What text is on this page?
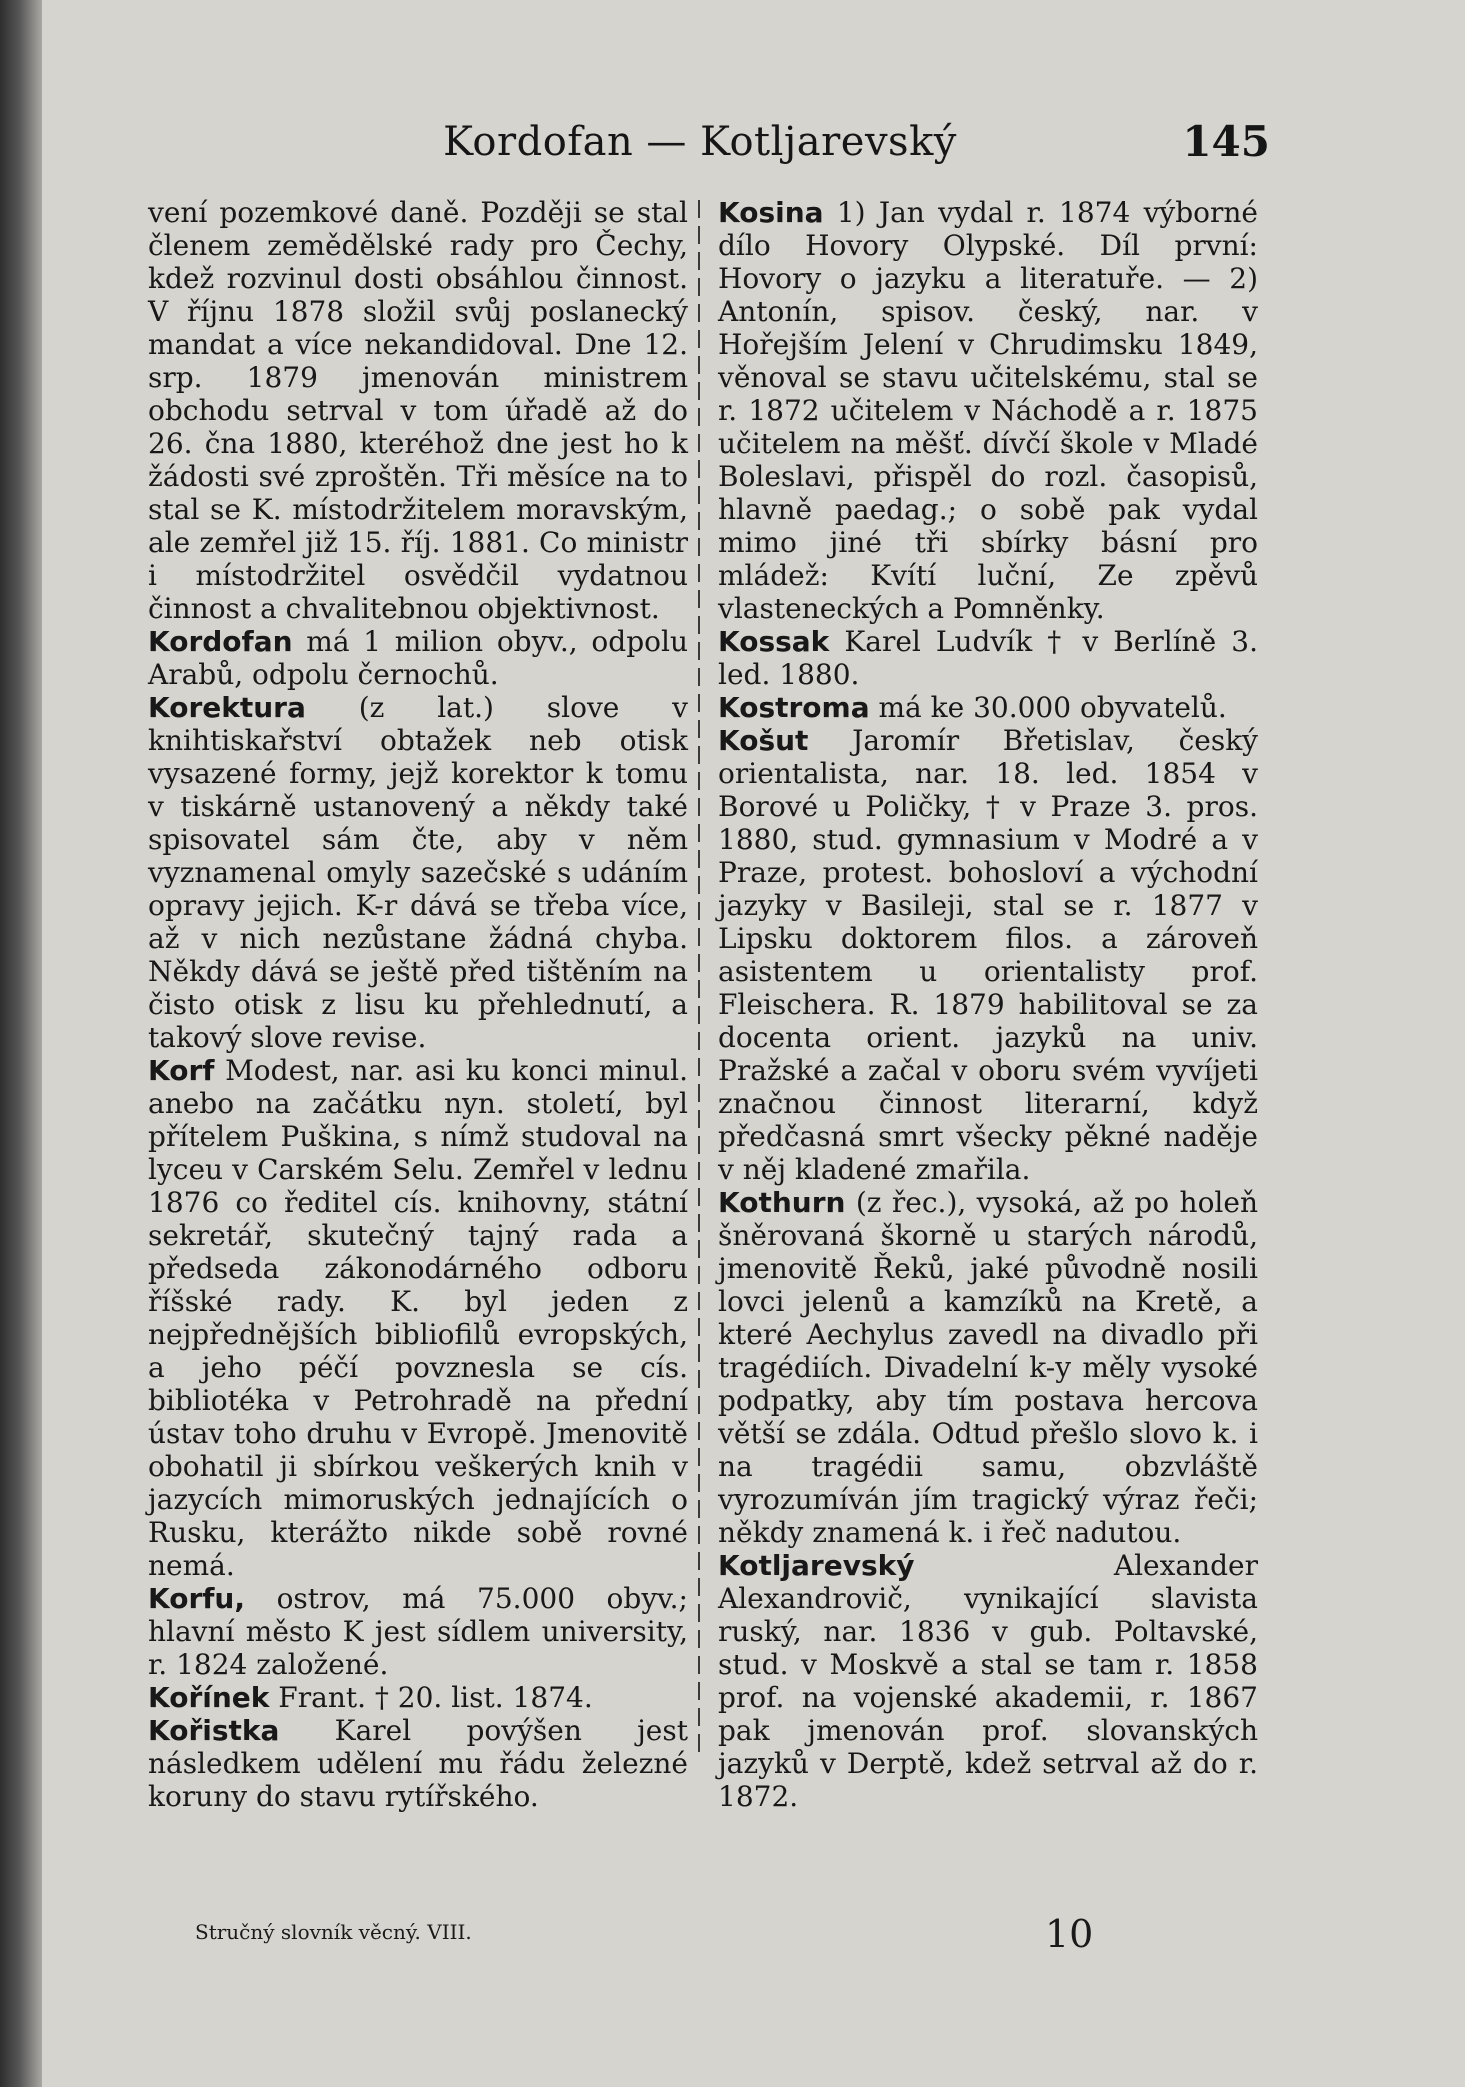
Kordofan — Kotljarevský	145

vení pozemkové daně. Později se stal členem zemědělské rady pro Čechy, kdež rozvinul dosti obsáhlou činnost. V říjnu 1878 složil svůj poslanecký mandat a více nekandidoval. Dne 12. srp. 1879 jmenován ministrem obchodu setrval v tom úřadě až do 26. čna 1880, kteréhož dne jest ho k žádosti své zproštěn. Tři měsíce na to stal se K. místodržitelem moravským, ale zemřel již 15. říj. 1881. Co ministr i místodržitel osvědčil vydatnou činnost a chvalitebnou objektivnost.

Kordofan má 1 milion obyv., odpolu Arabů, odpolu černochů.

Korektura (z lat.) slove v knihtiskařství obtažek neb otisk vysazené formy, jejž korektor k tomu v tiskárně ustanovený a někdy také spisovatel sám čte, aby v něm vyznamenal omyly sazečské s udáním opravy jejich. K-r dává se třeba více, až v nich nezůstane žádná chyba. Někdy dává se ještě před tištěním na čisto otisk z lisu ku přehlednutí, a takový slove revise.

Korf Modest, nar. asi ku konci minul. anebo na začátku nyn. století, byl přítelem Puškina, s nímž studoval na lyceu v Carském Selu. Zemřel v lednu 1876 co ředitel cís. knihovny, státní sekretář, skutečný tajný rada a předseda zákonodárného odboru říšské rady. K. byl jeden z nejpřednějších bibliofilů evropských, a jeho péčí povznesla se cís. bibliotéka v Petrohradě na přední ústav toho druhu v Evropě. Jmenovitě obohatil ji sbírkou veškerých knih v jazycích mimoruských jednajících o Rusku, kterážto nikde sobě rovné nemá.

Korfu, ostrov, má 75.000 obyv.; hlavní město K jest sídlem university, r. 1824 založené.

Kořínek Frant. † 20. list. 1874.

Kořistka Karel povýšen jest následkem udělení mu řádu železné koruny do stavu rytířského.

Kosina 1) Jan vydal r. 1874 výborné dílo Hovory Olypské. Díl první: Hovory o jazyku a literatuře. — 2) Antonín, spisov. český, nar. v Hořejším Jelení v Chrudimsku 1849, věnoval se stavu učitelskému, stal se r. 1872 učitelem v Náchodě a r. 1875 učitelem na měšť. dívčí škole v Mladé Boleslavi, přispěl do rozl. časopisů, hlavně paedag.; o sobě pak vydal mimo jiné tři sbírky básní pro mládež: Kvítí luční, Ze zpěvů vlasteneckých a Pomněnky.

Kossak Karel Ludvík † v Berlíně 3. led. 1880.

Kostroma má ke 30.000 obyvatelů.

Košut Jaromír Břetislav, český orientalista, nar. 18. led. 1854 v Borové u Poličky, † v Praze 3. pros. 1880, stud. gymnasium v Modré a v Praze, protest. bohosloví a východní jazyky v Basileji, stal se r. 1877 v Lipsku doktorem filos. a zároveň asistentem u orientalisty prof. Fleischera. R. 1879 habilitoval se za docenta orient. jazyků na univ. Pražské a začal v oboru svém vyvíjeti značnou činnost literarní, když předčasná smrt všecky pěkné naděje v něj kladené zmařila.

Kothurn (z řec.), vysoká, až po holeň šněrovaná škorně u starých národů, jmenovitě Řeků, jaké původně nosili lovci jelenů a kamzíků na Kretě, a které Aechylus zavedl na divadlo při tragédiích. Divadelní k-y měly vysoké podpatky, aby tím postava hercova větší se zdála. Odtud přešlo slovo k. i na tragédii samu, obzvláště vyrozumíván jím tragický výraz řeči; někdy znamená k. i řeč nadutou.

Kotljarevský Alexander Alexandrovič, vynikající slavista ruský, nar. 1836 v gub. Poltavské, stud. v Moskvě a stal se tam r. 1858 prof. na vojenské akademii, r. 1867 pak jmenován prof. slovanských jazyků v Derptě, kdež setrval až do r. 1872.

Stručný slovník věcný. VIII.	10
